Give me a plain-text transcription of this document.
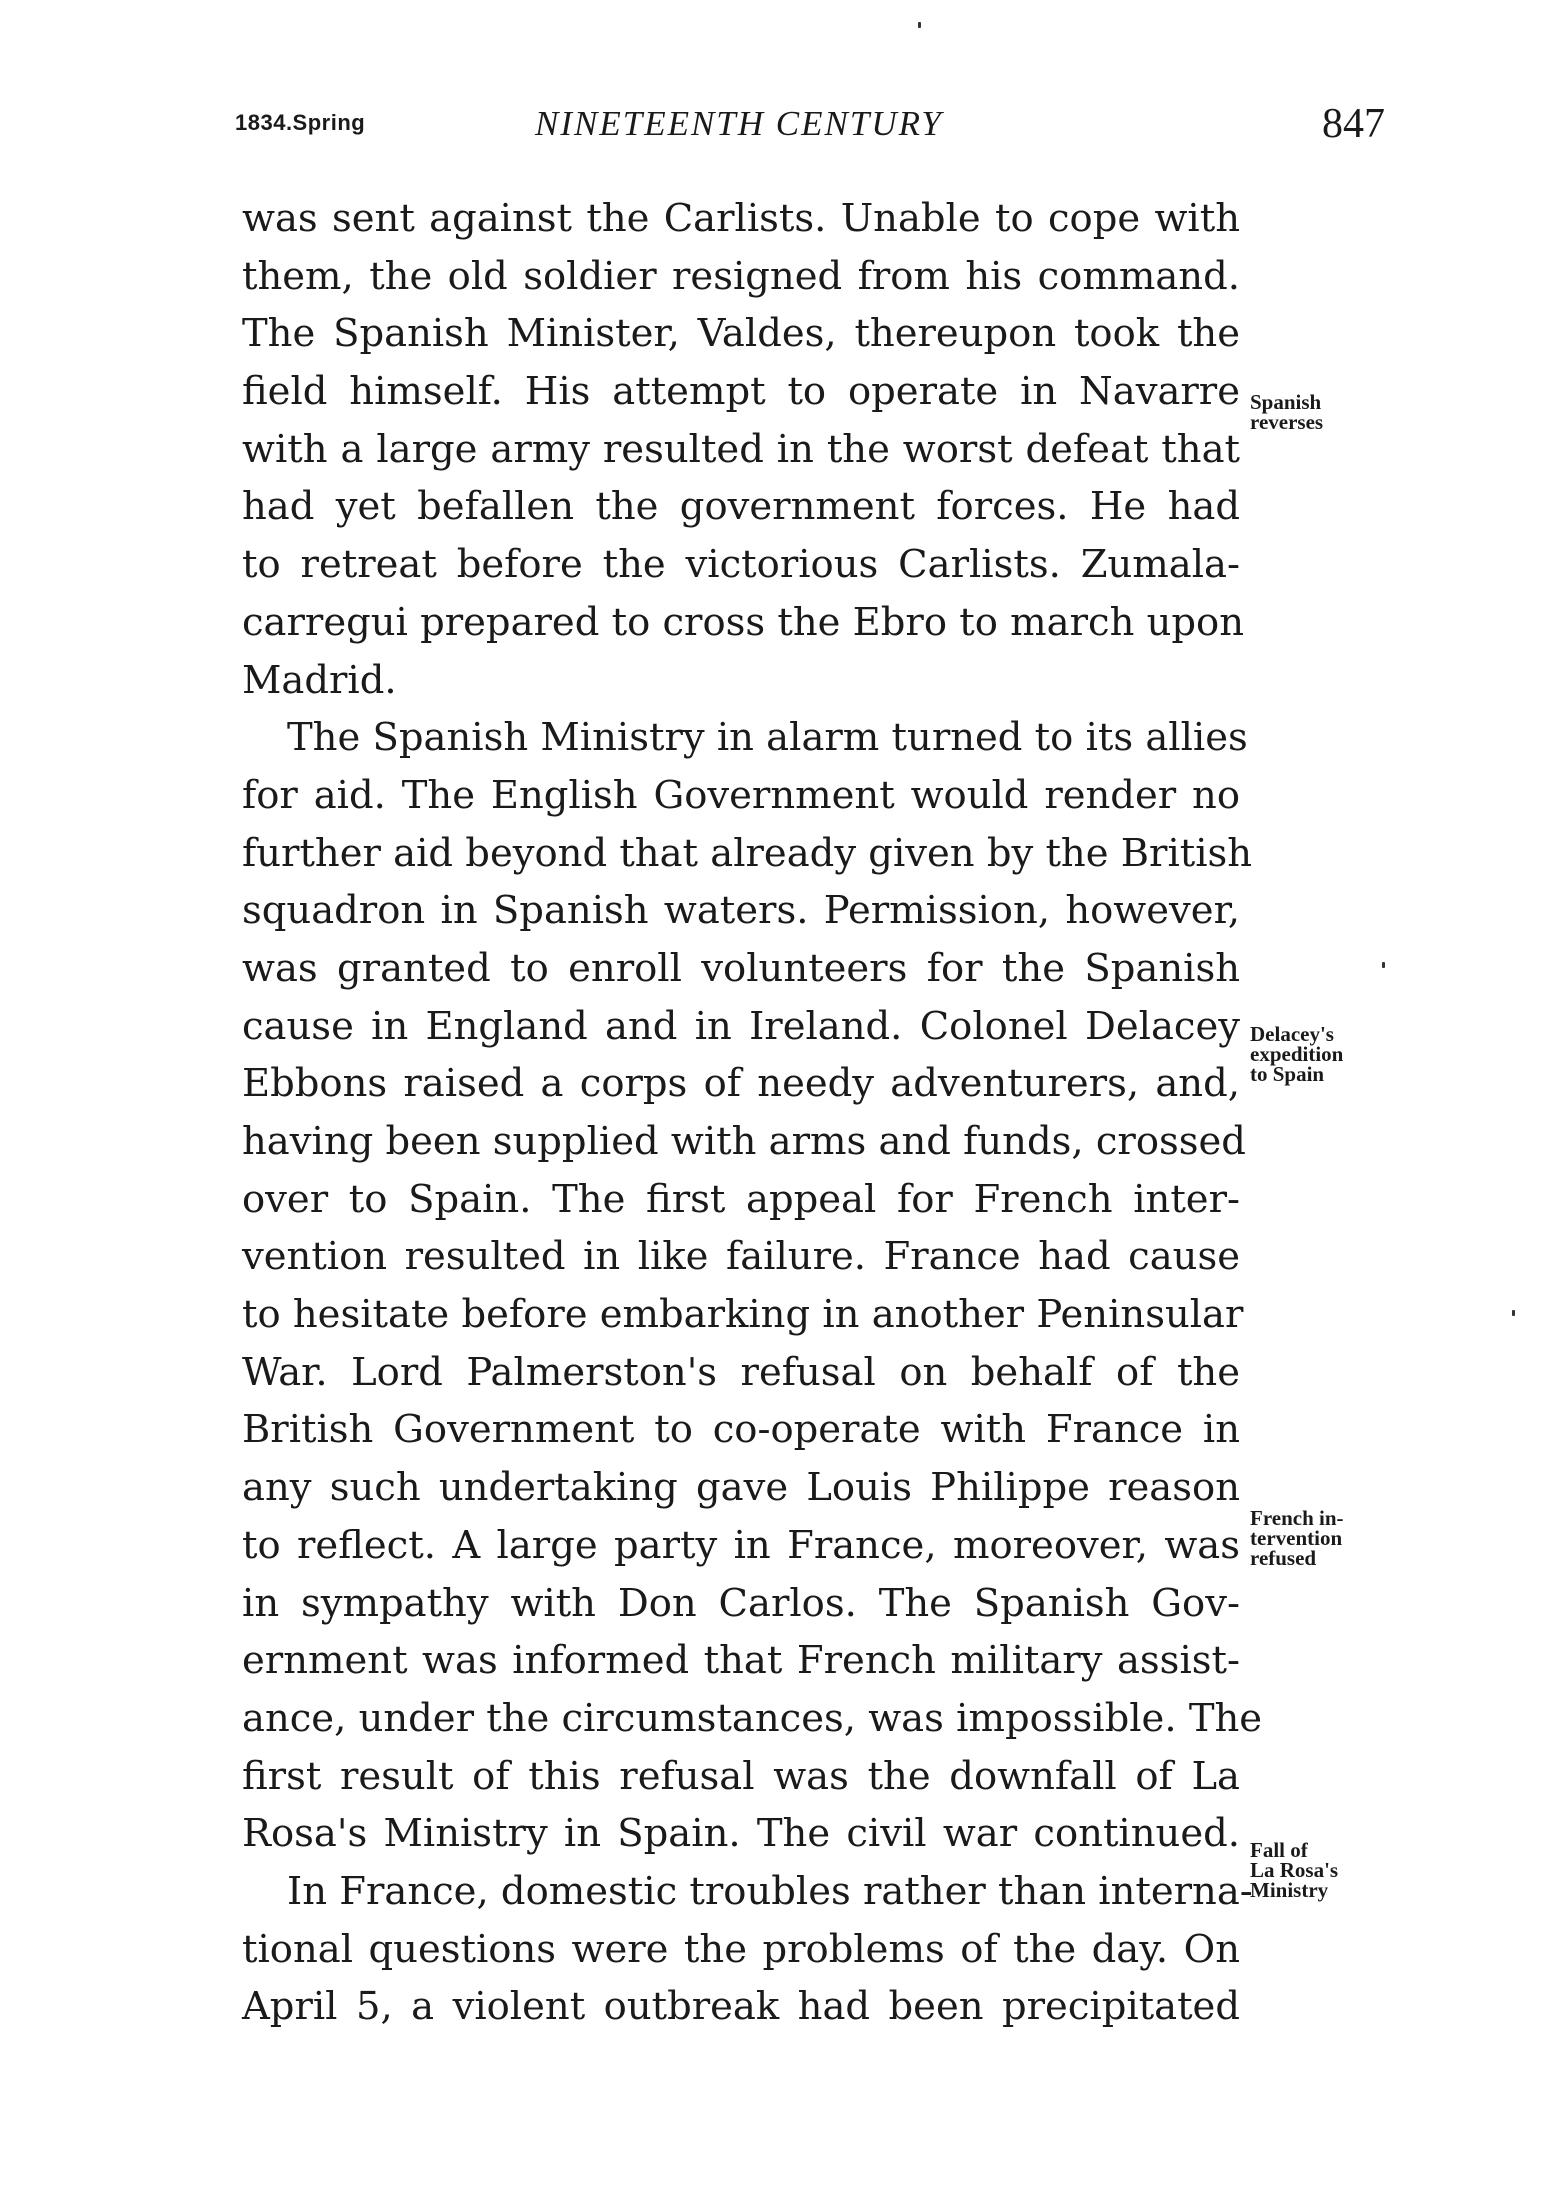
1834.Spring	NINETEENTH CENTURY	847
was sent against the Carlists. Unable to cope with
them, the old soldier resigned from his command.
The Spanish Minister, Valdes, thereupon took the
field himself. His attempt to operate in Navarre
with a large army resulted in the worst defeat that
had yet befallen the government forces. He had
to retreat before the victorious Carlists. Zumala-
carregui prepared to cross the Ebro to march upon
Madrid.
The Spanish Ministry in alarm turned to its allies
for aid. The English Government would render no
further aid beyond that already given by the British
squadron in Spanish waters. Permission, however,
was granted to enroll volunteers for the Spanish
cause in England and in Ireland. Colonel Delacey
Ebbons raised a corps of needy adventurers, and,
having been supplied with arms and funds, crossed
over to Spain. The first appeal for French inter-
vention resulted in like failure. France had cause
to hesitate before embarking in another Peninsular
War. Lord Palmerston's refusal on behalf of the
British Government to co-operate with France in
any such undertaking gave Louis Philippe reason
to reflect. A large party in France, moreover, was
in sympathy with Don Carlos. The Spanish Gov-
ernment was informed that French military assist-
ance, under the circumstances, was impossible. The
first result of this refusal was the downfall of La
Rosa's Ministry in Spain. The civil war continued.
In France, domestic troubles rather than interna-
tional questions were the problems of the day. On
April 5, a violent outbreak had been precipitated
Spanish
reverses
Delacey's
expedition
to Spain
French in-
tervention
refused
Fall of
La Rosa's
Ministry
